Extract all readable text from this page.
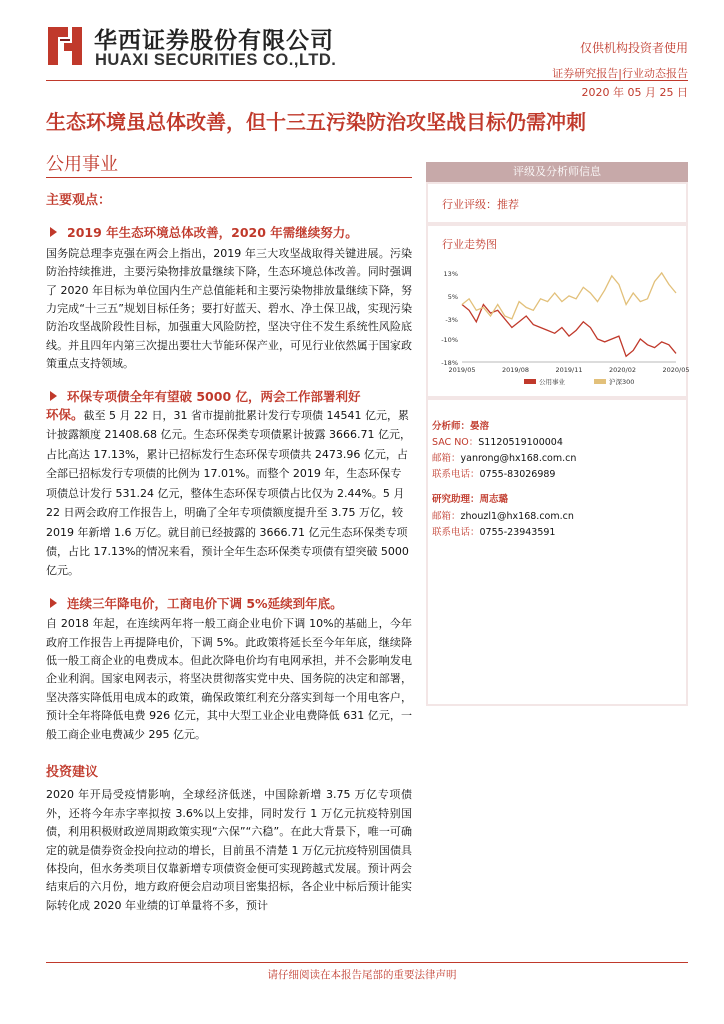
华西证券股份有限公司
HUAXI SECURITIES CO.,LTD.
仅供机构投资者使用
证券研究报告|行业动态报告
2020 年 05 月 25 日
生态环境虽总体改善，但十三五污染防治攻坚战目标仍需冲刺
公用事业
主要观点：
2019 年生态环境总体改善，2020 年需继续努力。

国务院总理李克强在两会上指出，2019 年三大攻坚战取得关键进展。污染防治持续推进，主要污染物排放量继续下降，生态环境总体改善。同时强调了 2020 年目标为单位国内生产总值能耗和主要污染物排放量继续下降，努力完成“十三五”规划目标任务；要打好蓝天、碧水、净土保卫战，实现污染防治攻坚战阶段性目标，加强重大风险防控，坚决守住不发生系统性风险底线。并且四年内第三次提出要壮大节能环保产业，可见行业依然属于国家政策重点支持领域。

环保专项债全年有望破 5000 亿，两会工作部署利好
环保。截至 5 月 22 日，31 省市提前批累计发行专项债 14541 亿元，累计披露额度 21408.68 亿元。生态环保类专项债累计披露 3666.71 亿元，占比高达 17.13%，累计已招标发行生态环保专项债共 2473.96 亿元，占全部已招标发行专项债的比例为 17.01%。而整个 2019 年，生态环保专项债总计发行 531.24 亿元，整体生态环保专项债占比仅为 2.44%。5 月 22 日两会政府工作报告上，明确了全年专项债额度提升至 3.75 万亿，较 2019 年新增 1.6 万亿。就目前已经披露的 3666.71 亿元生态环保类专项债，占比 17.13%的情况来看，预计全年生态环保类专项债有望突破 5000 亿元。
连续三年降电价，工商电价下调 5%延续到年底。

自 2018 年起，在连续两年将一般工商企业电价下调 10%的基础上，今年政府工作报告上再提降电价，下调 5%。此政策将延长至今年年底，继续降低一般工商企业的电费成本。但此次降电价均有电网承担，并不会影响发电企业利润。国家电网表示，将坚决贯彻落实党中央、国务院的决定和部署，坚决落实降低用电成本的政策，确保政策红利充分落实到每一个用电客户，预计全年将降低电费 926 亿元，其中大型工业企业电费降低 631 亿元，一般工商企业电费减少 295 亿元。

投资建议

2020 年开局受疫情影响，全球经济低迷，中国除新增 3.75 万亿专项债外，还将今年赤字率拟按 3.6%以上安排，同时发行 1 万亿元抗疫特别国债，利用积极财政逆周期政策实现“六保”“六稳”。在此大背景下，唯一可确定的就是债券资金投向拉动的增长，目前虽不清楚 1 万亿元抗疫特别国债具体投向，但水务类项目仅靠新增专项债资金便可实现跨越式发展。预计两会结束后的六月份，地方政府便会启动项目密集招标，各企业中标后预计能实际转化成 2020 年业绩的订单量将不多，预计

评级及分析师信息
行业评级：推荐
行业走势图
13%
5%
-3%
-10%
-18%
2019/05	2019/08	2019/11	2020/02	2020/05
公用事业	沪深300
分析师：晏溶
SAC NO：S1120519100004
邮箱：yanrong@hx168.com.cn
联系电话：0755-83026989
研究助理：周志璐
邮箱：zhouzl1@hx168.com.cn
联系电话：0755-23943591
请仔细阅读在本报告尾部的重要法律声明
